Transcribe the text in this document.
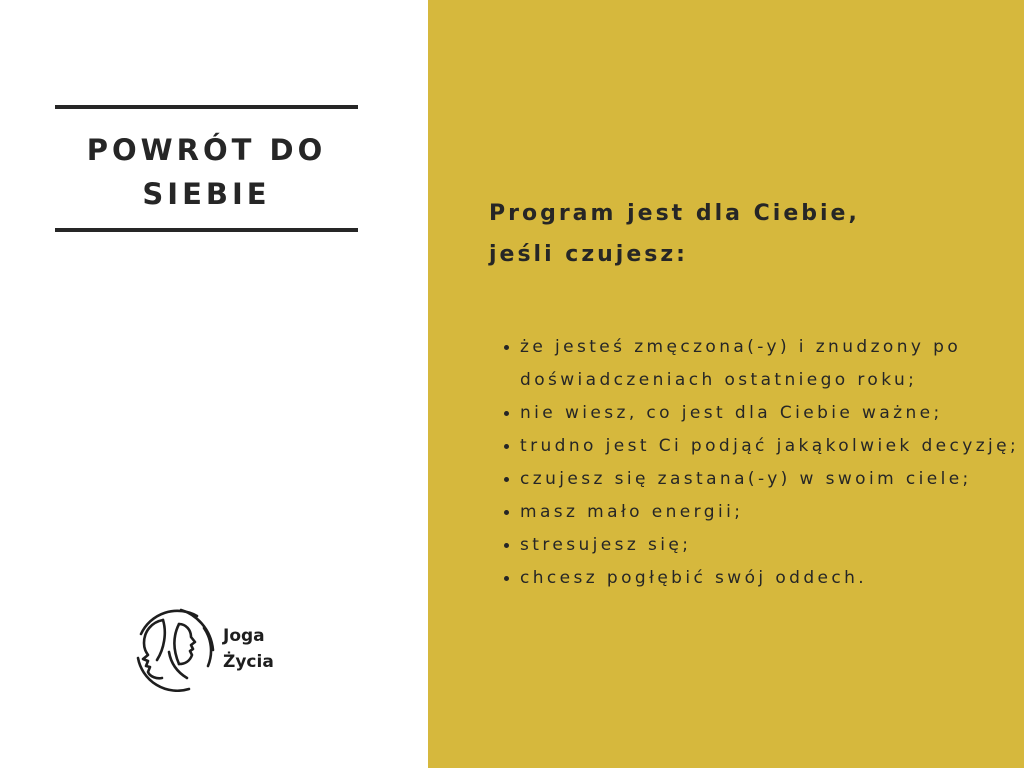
POWRÓT DO
SIEBIE
Joga
Życia
Program jest dla Ciebie,
jeśli czujesz:
• że jesteś zmęczona(-y) i znudzony po doświadczeniach ostatniego roku;
• nie wiesz, co jest dla Ciebie ważne;
• trudno jest Ci podjąć jakąkolwiek decyzję;
• czujesz się zastana(-y) w swoim ciele;
• masz mało energii;
• stresujesz się;
• chcesz pogłębić swój oddech.
